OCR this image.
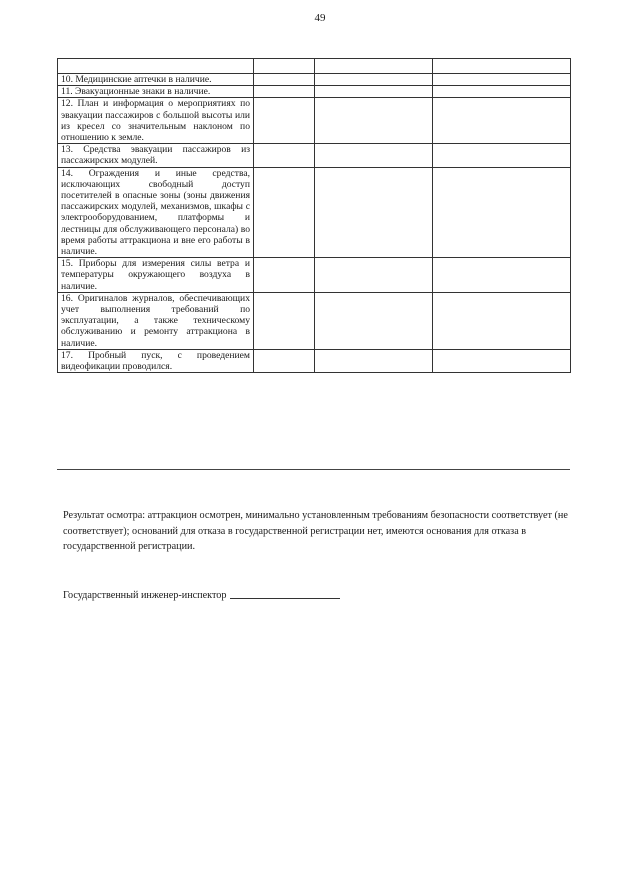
49

10. Медицинские аптечки в наличие.			
11. Эвакуационные знаки в наличие.			
12. План и информация о мероприятиях по эвакуации пассажиров с большой высоты или из кресел со значительным наклоном по отношению к земле.			
13. Средства эвакуации пассажиров из пассажирских модулей.			
14. Ограждения и иные средства, исключающих свободный доступ посетителей в опасные зоны (зоны движения пассажирских модулей, механизмов, шкафы с электрооборудованием, платформы и лестницы для обслуживающего персонала) во время работы аттракциона и вне его работы в наличие.			
15. Приборы для измерения силы ветра и температуры окружающего воздуха в наличие.			
16. Оригиналов журналов, обеспечивающих учет выполнения требований по эксплуатации, а также техническому обслуживанию и ремонту аттракциона в наличие.			
17. Пробный пуск, с проведением видеофикации проводился.			
Результат осмотра: аттракцион осмотрен, минимально установленным требованиям безопасности соответствует (не соответствует); оснований для отказа в государственной регистрации нет, имеются основания для отказа в государственной регистрации.
Государственный инженер-инспектор
